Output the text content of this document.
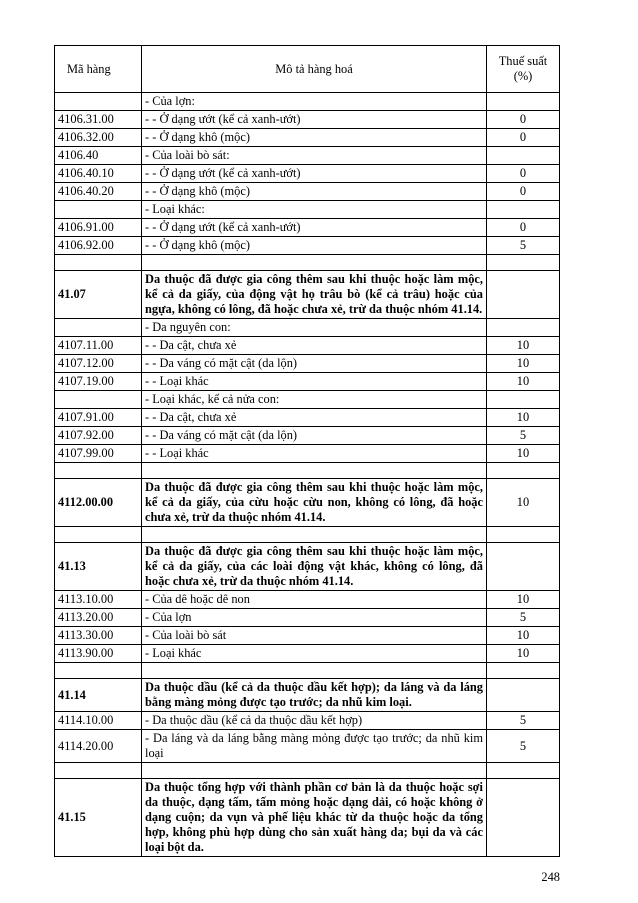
Mã hàng	Mô tả hàng hoá	Thuế suất (%)
	- Của lợn:	
4106.31.00	- - Ở dạng ướt (kể cả xanh-ướt)	0
4106.32.00	- - Ở dạng khô (mộc)	0
4106.40	- Của loài bò sát:	
4106.40.10	- - Ở dạng ướt (kể cả xanh-ướt)	0
4106.40.20	- - Ở dạng khô (mộc)	0
	- Loại khác:	
4106.91.00	- - Ở dạng ướt (kể cả xanh-ướt)	0
4106.92.00	- - Ở dạng khô (mộc)	5

41.07	Da thuộc đã được gia công thêm sau khi thuộc hoặc làm mộc, kể cả da giấy, của động vật họ trâu bò (kể cả trâu) hoặc của ngựa, không có lông, đã hoặc chưa xẻ, trừ da thuộc nhóm 41.14.	
	- Da nguyên con:	
4107.11.00	- - Da cật, chưa xẻ	10
4107.12.00	- - Da váng có mặt cật (da lộn)	10
4107.19.00	- - Loại khác	10
	- Loại khác, kể cả nửa con:	
4107.91.00	- - Da cật, chưa xẻ	10
4107.92.00	- - Da váng có mặt cật (da lộn)	5
4107.99.00	- - Loại khác	10

4112.00.00	Da thuộc đã được gia công thêm sau khi thuộc hoặc làm mộc, kể cả da giấy, của cừu hoặc cừu non, không có lông, đã hoặc chưa xẻ, trừ da thuộc nhóm 41.14.	10

41.13	Da thuộc đã được gia công thêm sau khi thuộc hoặc làm mộc, kể cả da giấy, của các loài động vật khác, không có lông, đã hoặc chưa xẻ, trừ da thuộc nhóm 41.14.	
4113.10.00	- Của dê hoặc dê non	10
4113.20.00	- Của lợn	5
4113.30.00	- Của loài bò sát	10
4113.90.00	- Loại khác	10

41.14	Da thuộc dầu (kể cả da thuộc dầu kết hợp); da láng và da láng bằng màng mỏng được tạo trước; da nhũ kim loại.	
4114.10.00	- Da thuộc dầu (kể cả da thuộc dầu kết hợp)	5
4114.20.00	- Da láng và da láng bằng màng mỏng được tạo trước; da nhũ kim loại	5

41.15	Da thuộc tổng hợp với thành phần cơ bản là da thuộc hoặc sợi da thuộc, dạng tấm, tấm mỏng hoặc dạng dải, có hoặc không ở dạng cuộn; da vụn và phế liệu khác từ da thuộc hoặc da tổng hợp, không phù hợp dùng cho sản xuất hàng da; bụi da và các loại bột da.	
248
